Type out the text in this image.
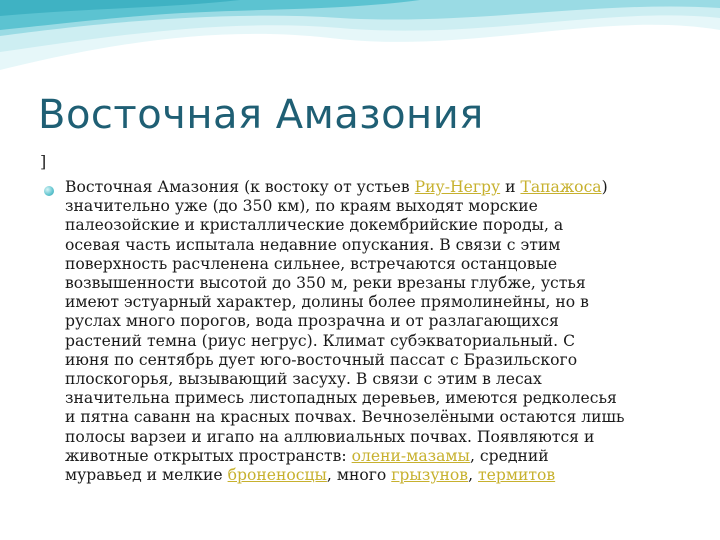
Восточная Амазония
]
Восточная Амазония (к востоку от устьев Риу-Негру и Тапажоса)
значительно уже (до 350 км), по краям выходят морские
палеозойские и кристаллические докембрийские породы, а
осевая часть испытала недавние опускания. В связи с этим
поверхность расчленена сильнее, встречаются останцовые
возвышенности высотой до 350 м, реки врезаны глубже, устья
имеют эстуарный характер, долины более прямолинейны, но в
руслах много порогов, вода прозрачна и от разлагающихся
растений темна (риус негрус). Климат субэкваториальный. С
июня по сентябрь дует юго-восточный пассат с Бразильского
плоскогорья, вызывающий засуху. В связи с этим в лесах
значительна примесь листопадных деревьев, имеются редколесья
и пятна саванн на красных почвах. Вечнозелёными остаются лишь
полосы варзеи и игапо на аллювиальных почвах. Появляются и
животные открытых пространств: олени-мазамы, средний
муравьед и мелкие броненосцы, много грызунов, термитов
